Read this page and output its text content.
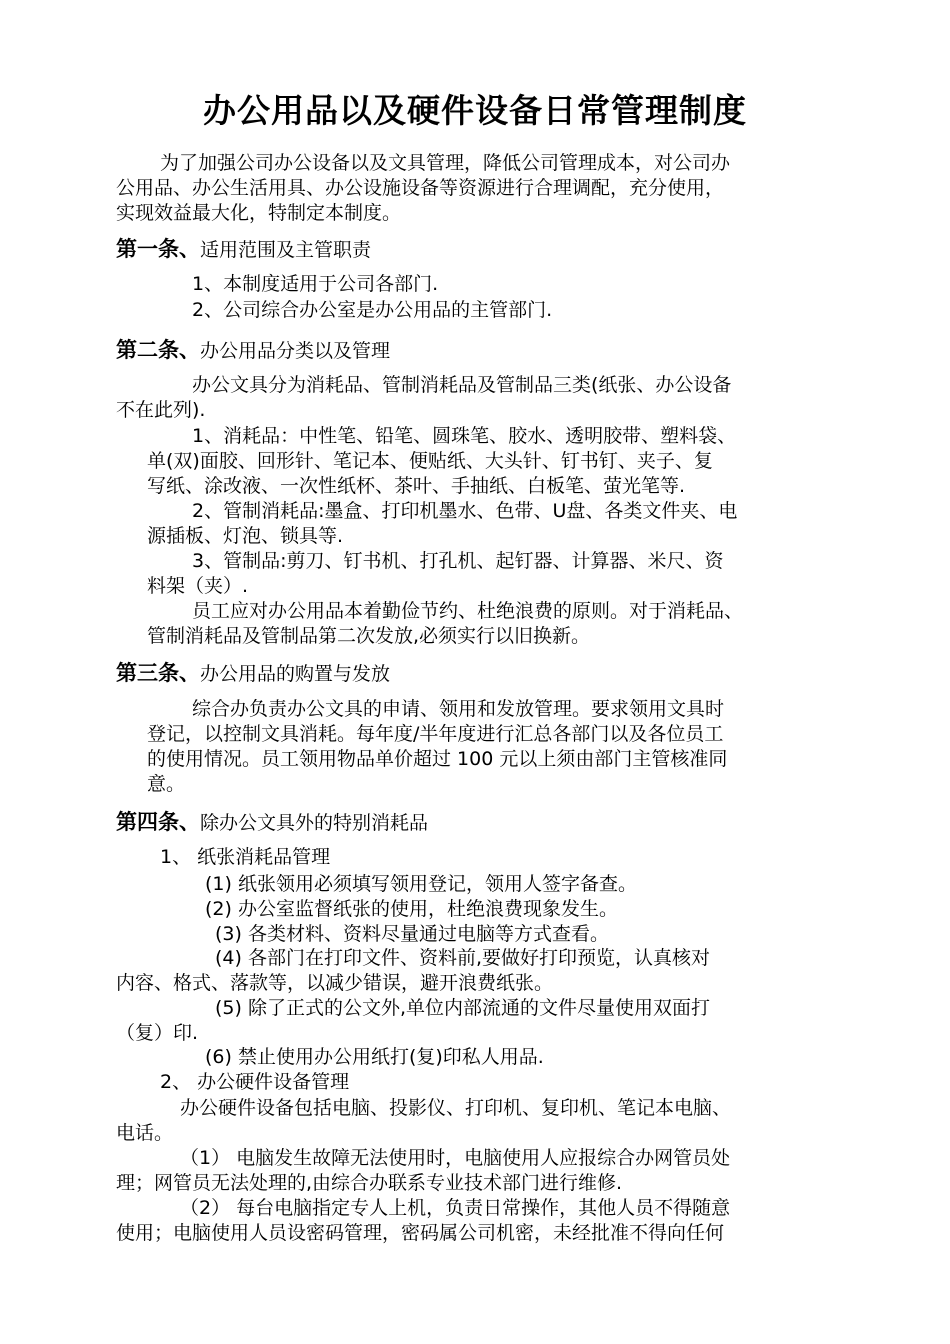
办公用品以及硬件设备日常管理制度
为了加强公司办公设备以及文具管理，降低公司管理成本，对公司办
公用品、办公生活用具、办公设施设备等资源进行合理调配，充分使用，
实现效益最大化，特制定本制度。
第一条、适用范围及主管职责
1、本制度适用于公司各部门.
2、公司综合办公室是办公用品的主管部门.
第二条、办公用品分类以及管理
办公文具分为消耗品、管制消耗品及管制品三类(纸张、办公设备
不在此列).
1、消耗品：中性笔、铅笔、圆珠笔、胶水、透明胶带、塑料袋、
单(双)面胶、回形针、笔记本、便贴纸、大头针、钉书钉、夹子、复
写纸、涂改液、一次性纸杯、茶叶、手抽纸、白板笔、萤光笔等.
2、管制消耗品:墨盒、打印机墨水、色带、U盘、各类文件夹、电
源插板、灯泡、锁具等.
3、管制品:剪刀、钉书机、打孔机、起钉器、计算器、米尺、资
料架（夹）.
员工应对办公用品本着勤俭节约、杜绝浪费的原则。对于消耗品、
管制消耗品及管制品第二次发放,必须实行以旧换新。
第三条、办公用品的购置与发放
综合办负责办公文具的申请、领用和发放管理。要求领用文具时
登记，以控制文具消耗。每年度/半年度进行汇总各部门以及各位员工
的使用情况。员工领用物品单价超过 100 元以上须由部门主管核准同
意。
第四条、除办公文具外的特别消耗品
1、 纸张消耗品管理
(1) 纸张领用必须填写领用登记，领用人签字备查。
(2) 办公室监督纸张的使用，杜绝浪费现象发生。
(3) 各类材料、资料尽量通过电脑等方式查看。
(4) 各部门在打印文件、资料前,要做好打印预览，认真核对
内容、格式、落款等，以减少错误，避开浪费纸张。
(5) 除了正式的公文外,单位内部流通的文件尽量使用双面打
（复）印.
(6) 禁止使用办公用纸打(复)印私人用品.
2、 办公硬件设备管理
办公硬件设备包括电脑、投影仪、打印机、复印机、笔记本电脑、
电话。
（1） 电脑发生故障无法使用时，电脑使用人应报综合办网管员处
理；网管员无法处理的,由综合办联系专业技术部门进行维修.
（2） 每台电脑指定专人上机，负责日常操作，其他人员不得随意
使用；电脑使用人员设密码管理，密码属公司机密，未经批准不得向任何
